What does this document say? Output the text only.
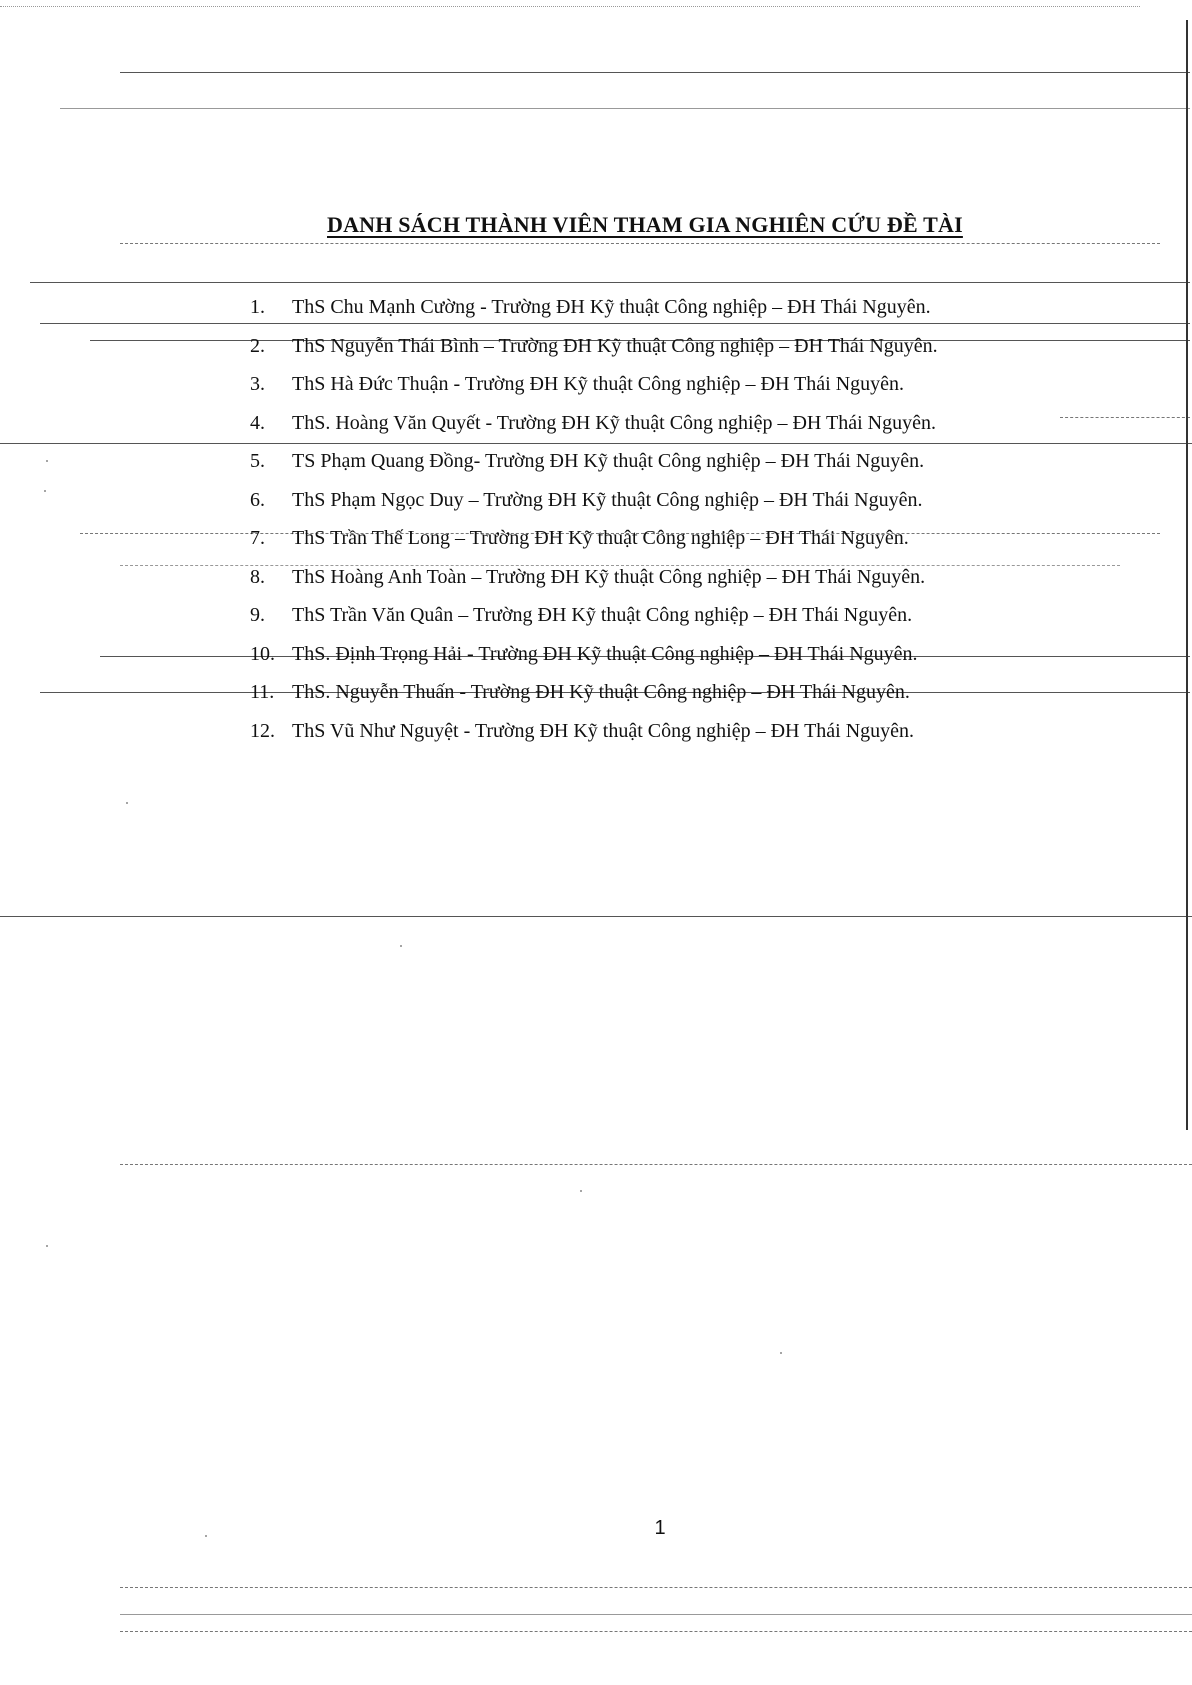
DANH SÁCH THÀNH VIÊN THAM GIA NGHIÊN CỨU ĐỀ TÀI
1. ThS Chu Mạnh Cường - Trường ĐH Kỹ thuật Công nghiệp – ĐH Thái Nguyên.
2. ThS Nguyễn Thái Bình – Trường ĐH Kỹ thuật Công nghiệp – ĐH Thái Nguyên.
3. ThS Hà Đức Thuận - Trường ĐH Kỹ thuật Công nghiệp – ĐH Thái Nguyên.
4. ThS. Hoàng Văn Quyết - Trường ĐH Kỹ thuật Công nghiệp – ĐH Thái Nguyên.
5. TS Phạm Quang Đồng- Trường ĐH Kỹ thuật Công nghiệp – ĐH Thái Nguyên.
6. ThS Phạm Ngọc Duy – Trường ĐH Kỹ thuật Công nghiệp – ĐH Thái Nguyên.
7. ThS Trần Thế Long – Trường ĐH Kỹ thuật Công nghiệp – ĐH Thái Nguyên.
8. ThS Hoàng Anh Toàn – Trường ĐH Kỹ thuật Công nghiệp – ĐH Thái Nguyên.
9. ThS Trần Văn Quân – Trường ĐH Kỹ thuật Công nghiệp – ĐH Thái Nguyên.
10. ThS. Định Trọng Hải - Trường ĐH Kỹ thuật Công nghiệp – ĐH Thái Nguyên.
11. ThS. Nguyễn Thuấn - Trường ĐH Kỹ thuật Công nghiệp – ĐH Thái Nguyên.
12. ThS Vũ Như Nguyệt - Trường ĐH Kỹ thuật Công nghiệp – ĐH Thái Nguyên.
1
